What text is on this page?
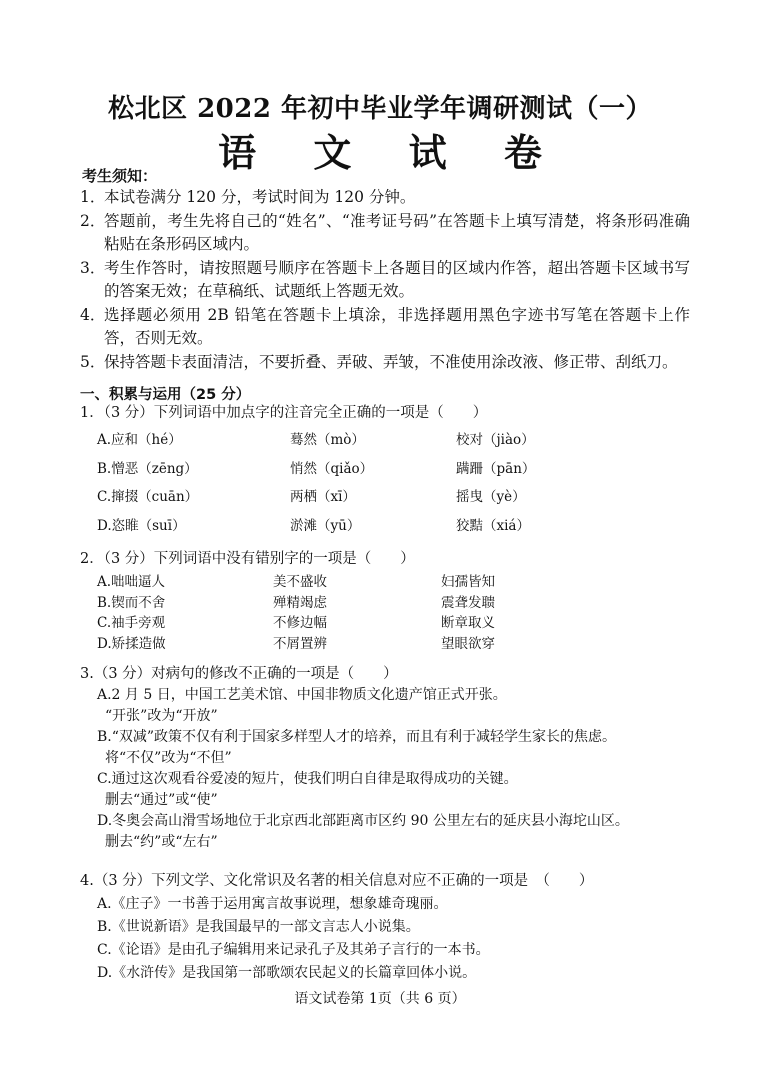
松北区 2022 年初中毕业学年调研测试（一）
语 文 试 卷
考生须知：
1．
本试卷满分 120 分，考试时间为 120 分钟。
2．
答题前，考生先将自己的“姓名”、“准考证号码”在答题卡上填写清楚，将条形码准确粘贴在条形码区域内。
3．
考生作答时，请按照题号顺序在答题卡上各题目的区域内作答，超出答题卡区域书写的答案无效；在草稿纸、试题纸上答题无效。
4．
选择题必须用 2B 铅笔在答题卡上填涂，非选择题用黑色字迹书写笔在答题卡上作答，否则无效。
5．
保持答题卡表面清洁，不要折叠、弄破、弄皱，不准使用涂改液、修正带、刮纸刀。
一、积累与运用（25 分）
1．（3 分）下列词语中加点字的注音完全正确的一项是（　　）
A.应和（hé）	蓦然（mò）	校对（jiào）
B.憎恶（zēng）	悄然（qiǎo）	蹒跚（pān）
C.撺掇（cuān）	两栖（xī）	摇曳（yè）
D.恣睢（suī）	淤滩（yū）	狡黠（xiá）
2．（3 分）下列词语中没有错别字的一项是（　　）
A.咄咄逼人	美不盛收	妇孺皆知
B.锲而不舍	殚精竭虑	震聋发聩
C.袖手旁观	不修边幅	断章取义
D.矫揉造做	不屑置辨	望眼欲穿
3.（3 分）对病句的修改不正确的一项是（　　）
A.2 月 5 日，中国工艺美术馆、中国非物质文化遗产馆正式开张。
“开张”改为“开放”
B.“双减”政策不仅有利于国家多样型人才的培养，而且有利于减轻学生家长的焦虑。
将“不仅”改为“不但”
C.通过这次观看谷爱凌的短片，使我们明白自律是取得成功的关键。
删去“通过”或“使”
D.冬奥会高山滑雪场地位于北京西北部距离市区约 90 公里左右的延庆县小海坨山区。
删去“约”或“左右”
4.（3 分）下列文学、文化常识及名著的相关信息对应不正确的一项是　（　　）
A.《庄子》一书善于运用寓言故事说理，想象雄奇瑰丽。
B.《世说新语》是我国最早的一部文言志人小说集。
C.《论语》是由孔子编辑用来记录孔子及其弟子言行的一本书。
D.《水浒传》是我国第一部歌颂农民起义的长篇章回体小说。
语文试卷第 1页（共 6 页）
